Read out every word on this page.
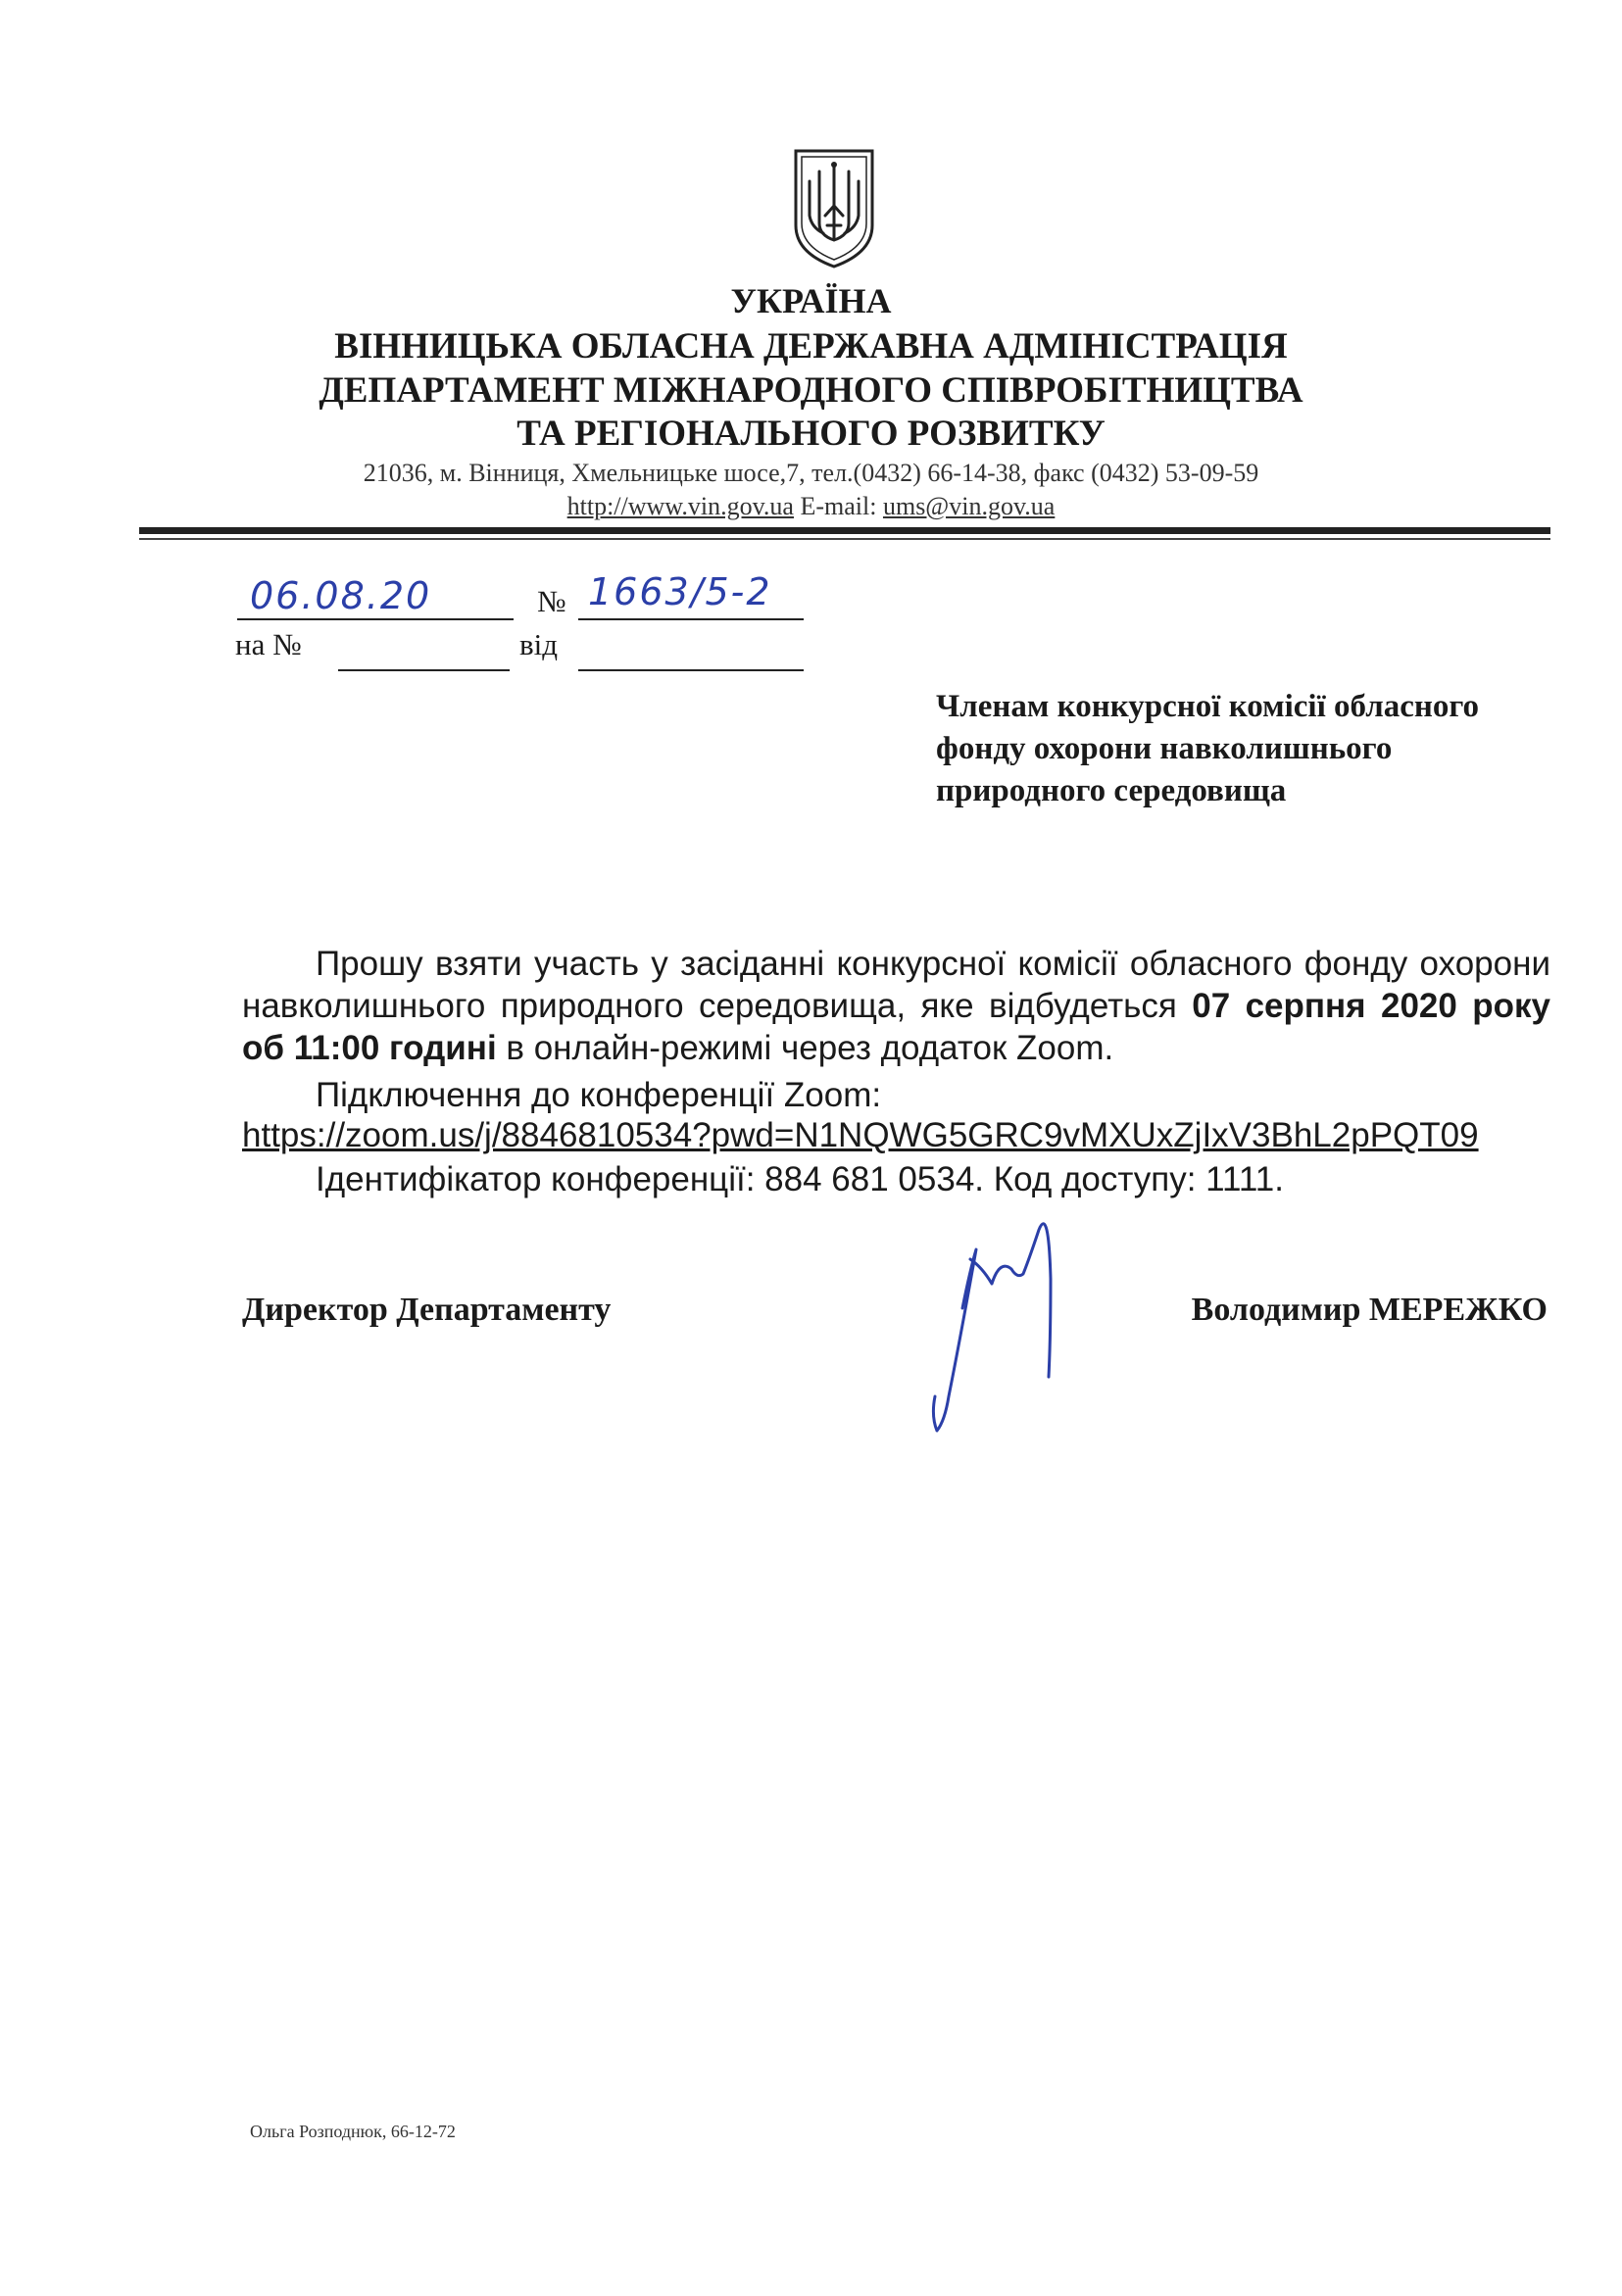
УКРАЇНА
ВІННИЦЬКА ОБЛАСНА ДЕРЖАВНА АДМІНІСТРАЦІЯ
ДЕПАРТАМЕНТ МІЖНАРОДНОГО СПІВРОБІТНИЦТВА
ТА РЕГІОНАЛЬНОГО РОЗВИТКУ
21036, м. Вінниця, Хмельницьке шосе,7, тел.(0432) 66-14-38, факс (0432) 53-09-59
http://www.vin.gov.ua E-mail: ums@vin.gov.ua
06.08.20	№ 1663/5-2
на №	від
Членам конкурсної комісії обласного фонду охорони навколишнього природного середовища
Прошу взяти участь у засіданні конкурсної комісії обласного фонду охорони навколишнього природного середовища, яке відбудеться 07 серпня 2020 року об 11:00 годині в онлайн-режимі через додаток Zoom.
Підключення до конференції Zoom:
https://zoom.us/j/8846810534?pwd=N1NQWG5GRC9vMXUxZjIxV3BhL2pPQT09
Ідентифікатор конференції: 884 681 0534. Код доступу: 1111.
Директор Департаменту	Володимир МЕРЕЖКО
Ольга Розподнюк, 66-12-72
